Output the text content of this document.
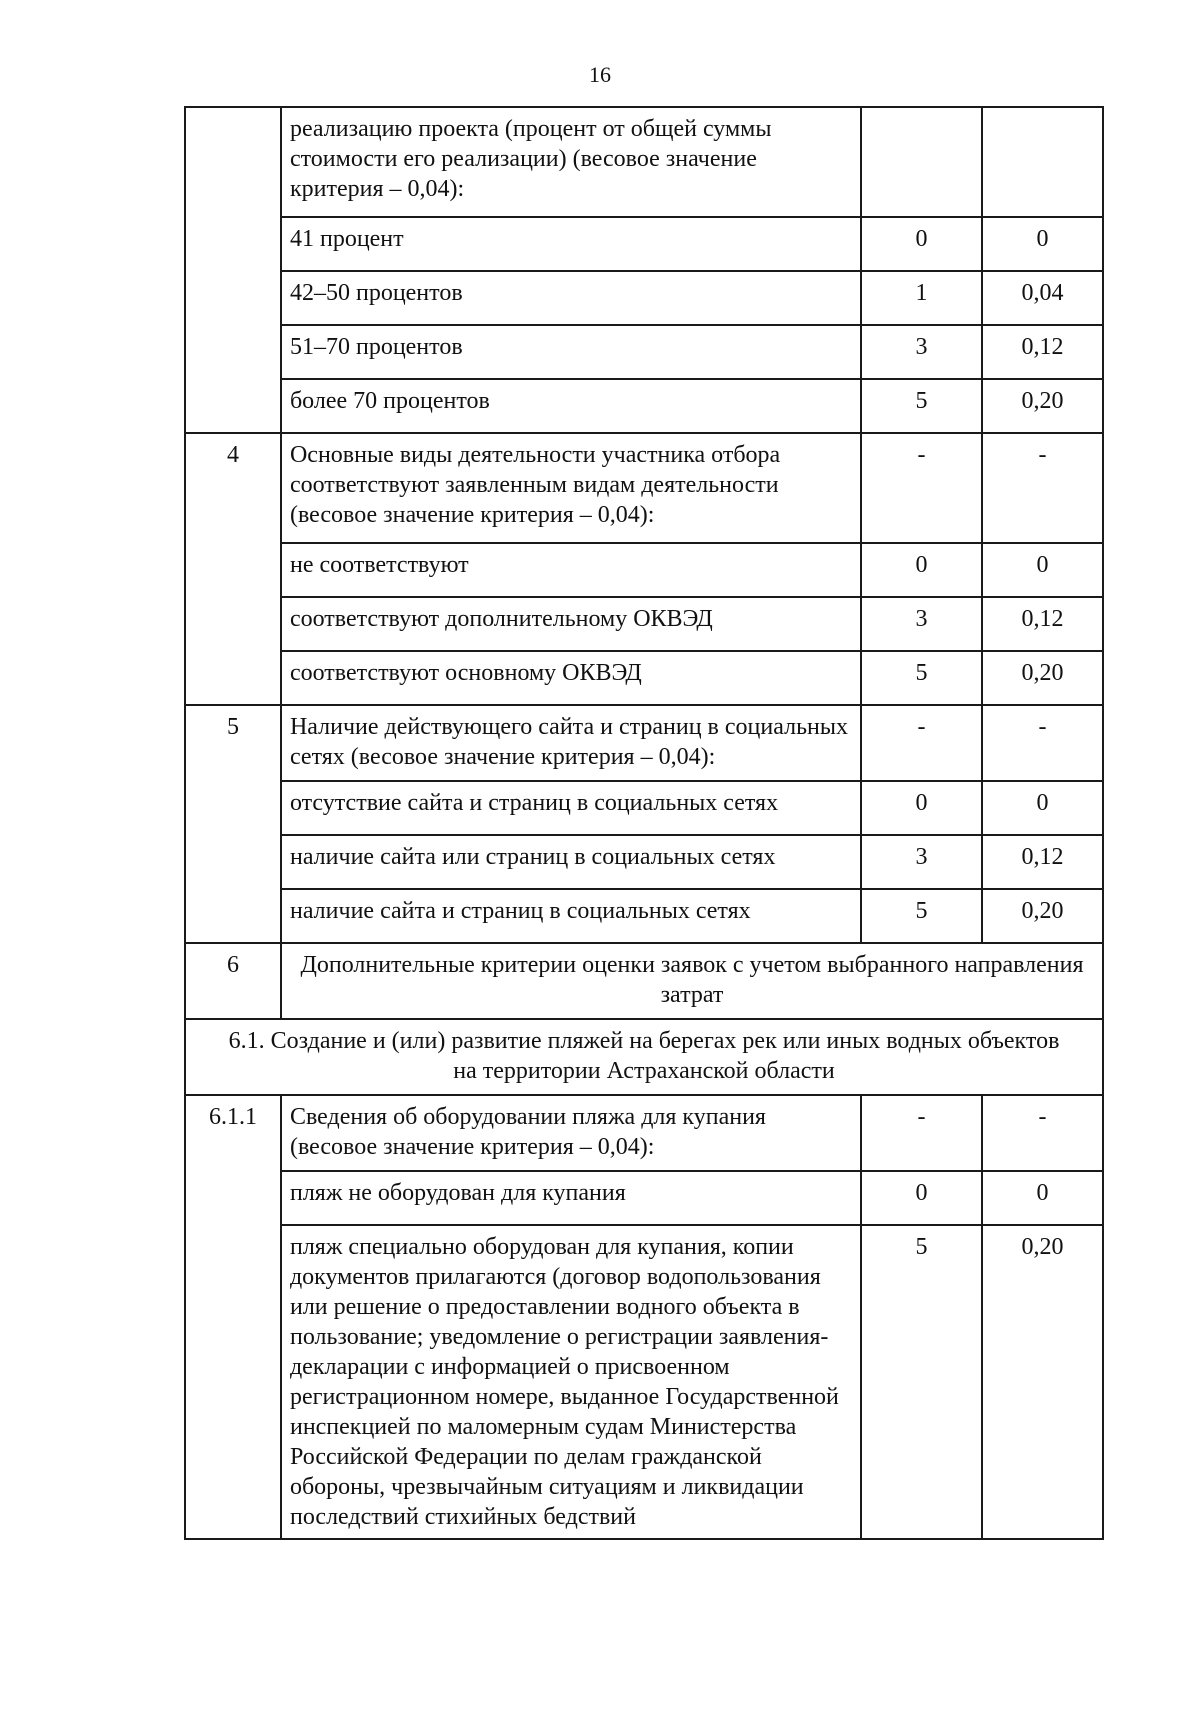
16
	реализацию проекта (процент от общей суммы стоимости его реализации) (весовое значение критерия – 0,04):		
	41 процент	0	0
	42–50 процентов	1	0,04
	51–70 процентов	3	0,12
	более 70 процентов	5	0,20
4	Основные виды деятельности участника отбора соответствуют заявленным видам деятельности (весовое значение критерия – 0,04):	-	-
	не соответствуют	0	0
	соответствуют дополнительному ОКВЭД	3	0,12
	соответствуют основному ОКВЭД	5	0,20
5	Наличие действующего сайта и страниц в социальных сетях (весовое значение критерия – 0,04):	-	-
	отсутствие сайта и страниц в социальных сетях	0	0
	наличие сайта или страниц в социальных сетях	3	0,12
	наличие сайта и страниц в социальных сетях	5	0,20
6	Дополнительные критерии оценки заявок с учетом выбранного направления затрат		
6.1. Создание и (или) развитие пляжей на берегах рек или иных водных объектов на территории Астраханской области			
6.1.1	Сведения об оборудовании пляжа для купания (весовое значение критерия – 0,04):	-	-
	пляж не оборудован для купания	0	0
	пляж специально оборудован для купания, копии документов прилагаются (договор водопользования или решение о предоставлении водного объекта в пользование; уведомление о регистрации заявления-декларации с информацией о присвоенном регистрационном номере, выданное Государственной инспекцией по маломерным судам Министерства Российской Федерации по делам гражданской обороны, чрезвычайным ситуациям и ликвидации последствий стихийных бедствий	5	0,20
